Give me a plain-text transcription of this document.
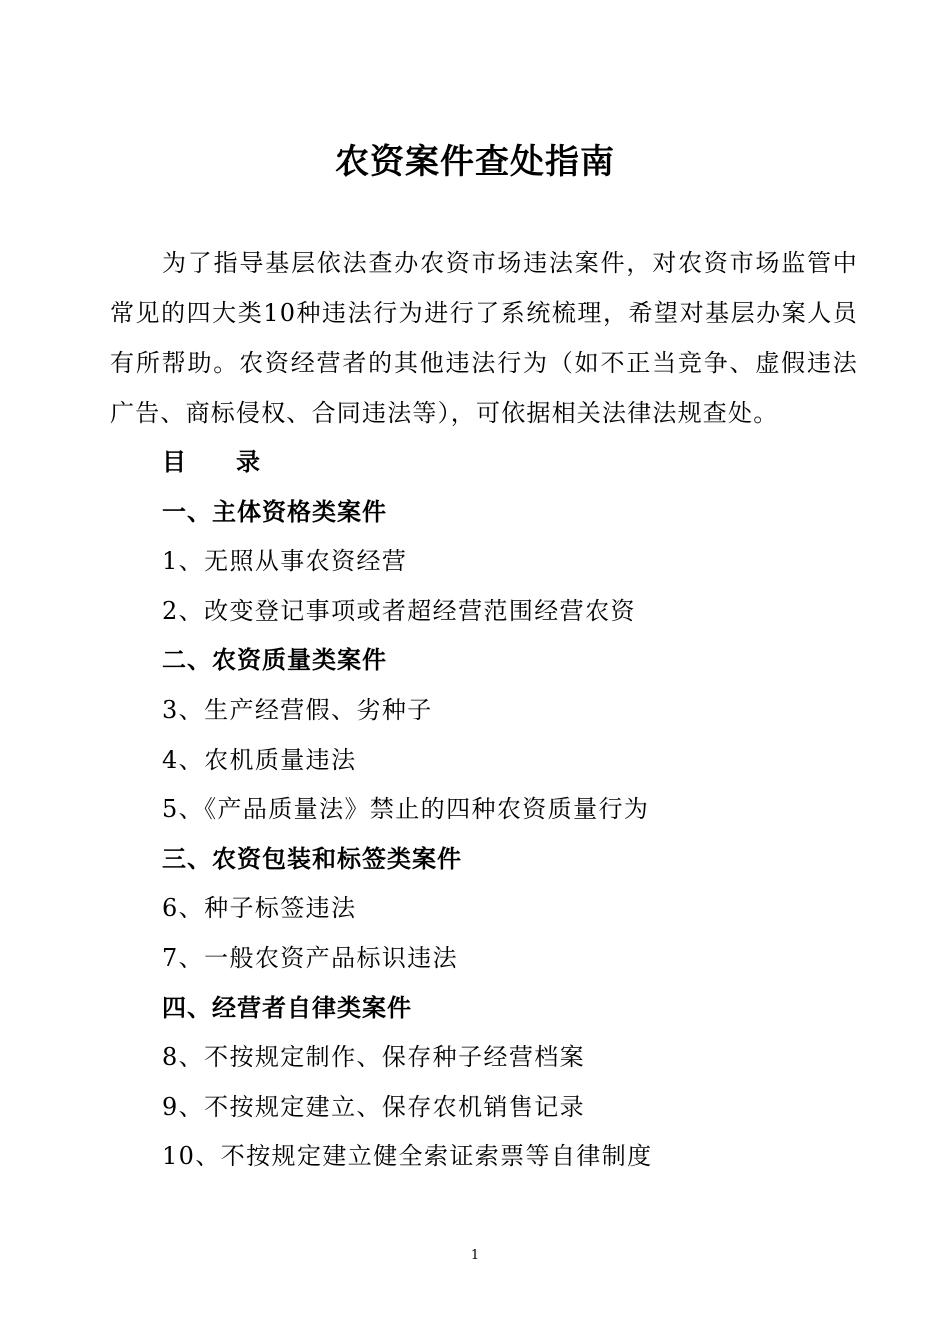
农资案件查处指南

为了指导基层依法查办农资市场违法案件，对农资市场监管中常见的四大类10种违法行为进行了系统梳理，希望对基层办案人员有所帮助。农资经营者的其他违法行为（如不正当竞争、虚假违法广告、商标侵权、合同违法等），可依据相关法律法规查处。

目 录
一、主体资格类案件
1、无照从事农资经营
2、改变登记事项或者超经营范围经营农资
二、农资质量类案件
3、生产经营假、劣种子
4、农机质量违法
5、《产品质量法》禁止的四种农资质量行为
三、农资包装和标签类案件
6、种子标签违法
7、一般农资产品标识违法
四、经营者自律类案件
8、不按规定制作、保存种子经营档案
9、不按规定建立、保存农机销售记录
10、不按规定建立健全索证索票等自律制度
1
